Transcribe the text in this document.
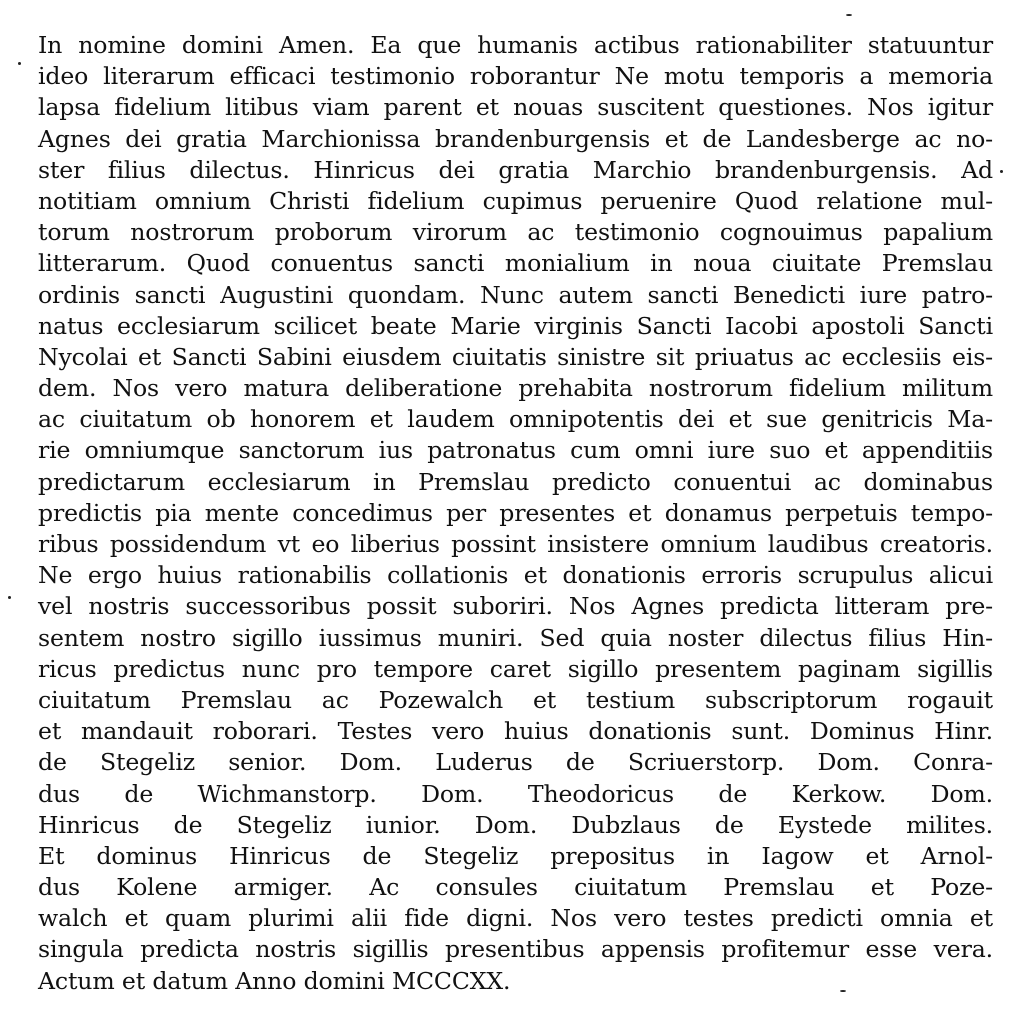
In nomine domini Amen. Ea que humanis actibus rationabiliter statuuntur
ideo literarum efficaci testimonio roborantur Ne motu temporis a memoria
lapsa fidelium litibus viam parent et nouas suscitent questiones. Nos igitur
Agnes dei gratia Marchionissa brandenburgensis et de Landesberge ac no-
ster filius dilectus. Hinricus dei gratia Marchio brandenburgensis. Ad
notitiam omnium Christi fidelium cupimus peruenire Quod relatione mul-
torum nostrorum proborum virorum ac testimonio cognouimus papalium
litterarum. Quod conuentus sancti monialium in noua ciuitate Premslau
ordinis sancti Augustini quondam. Nunc autem sancti Benedicti iure patro-
natus ecclesiarum scilicet beate Marie virginis Sancti Iacobi apostoli Sancti
Nycolai et Sancti Sabini eiusdem ciuitatis sinistre sit priuatus ac ecclesiis eis-
dem. Nos vero matura deliberatione prehabita nostrorum fidelium militum
ac ciuitatum ob honorem et laudem omnipotentis dei et sue genitricis Ma-
rie omniumque sanctorum ius patronatus cum omni iure suo et appenditiis
predictarum ecclesiarum in Premslau predicto conuentui ac dominabus
predictis pia mente concedimus per presentes et donamus perpetuis tempo-
ribus possidendum vt eo liberius possint insistere omnium laudibus creatoris.
Ne ergo huius rationabilis collationis et donationis erroris scrupulus alicui
vel nostris successoribus possit suboriri. Nos Agnes predicta litteram pre-
sentem nostro sigillo iussimus muniri. Sed quia noster dilectus filius Hin-
ricus predictus nunc pro tempore caret sigillo presentem paginam sigillis
ciuitatum Premslau ac Pozewalch et testium subscriptorum rogauit
et mandauit roborari. Testes vero huius donationis sunt. Dominus Hinr.
de Stegeliz senior. Dom. Luderus de Scriuerstorp. Dom. Conra-
dus de Wichmanstorp. Dom. Theodoricus de Kerkow. Dom.
Hinricus de Stegeliz iunior. Dom. Dubzlaus de Eystede milites.
Et dominus Hinricus de Stegeliz prepositus in Iagow et Arnol-
dus Kolene armiger. Ac consules ciuitatum Premslau et Poze-
walch et quam plurimi alii fide digni. Nos vero testes predicti omnia et
singula predicta nostris sigillis presentibus appensis profitemur esse vera.
Actum et datum Anno domini MCCCXX.
